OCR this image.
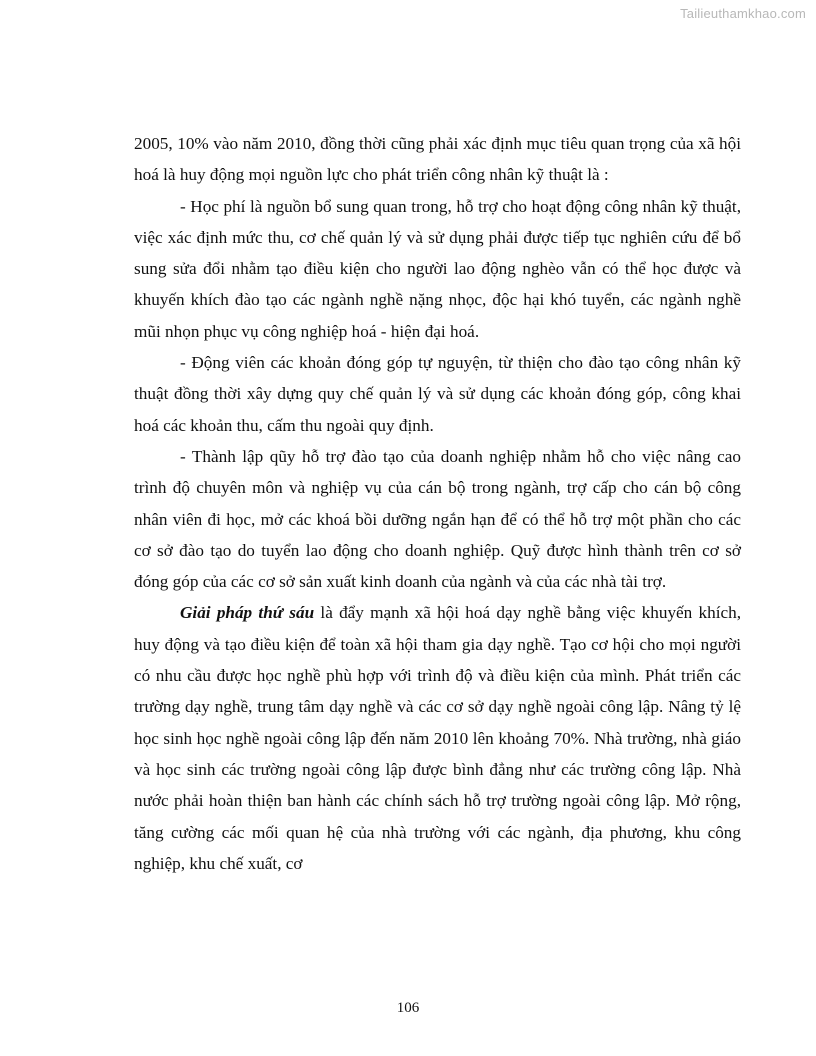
Tailieuthamkhao.com

2005, 10% vào năm 2010, đồng thời cũng phải xác định mục tiêu quan trọng của xã hội hoá là huy động mọi nguồn lực cho phát triển công nhân kỹ thuật là :

- Học phí là nguồn bổ sung quan trong, hỗ trợ cho hoạt động công nhân kỹ thuật, việc xác định mức thu, cơ chế quản lý và sử dụng phải được tiếp tục nghiên cứu để bổ sung sửa đổi nhằm tạo điều kiện cho người lao động nghèo vẫn có thể học được và khuyến khích đào tạo các ngành nghề nặng nhọc, độc hại khó tuyển, các ngành nghề mũi nhọn phục vụ công nghiệp hoá - hiện đại hoá.

- Động viên các khoản đóng góp tự nguyện, từ thiện cho đào tạo công nhân kỹ thuật đồng thời xây dựng quy chế quản lý và sử dụng các khoản đóng góp, công khai hoá các khoản thu, cấm thu ngoài quy định.

- Thành lập qũy hỗ trợ đào tạo của doanh nghiệp nhằm hỗ cho việc nâng cao trình độ chuyên môn và nghiệp vụ của cán bộ trong ngành, trợ cấp cho cán bộ công nhân viên đi học, mở các khoá bồi dưỡng ngắn hạn để có thể hỗ trợ một phần cho các cơ sở đào tạo do tuyển lao động cho doanh nghiệp. Quỹ được hình thành trên cơ sở đóng góp của các cơ sở sản xuất kinh doanh của ngành và của các nhà tài trợ.

Giải pháp thứ sáu là đẩy mạnh xã hội hoá dạy nghề bằng việc khuyến khích, huy động và tạo điều kiện để toàn xã hội tham gia dạy nghề. Tạo cơ hội cho mọi người có nhu cầu được học nghề phù hợp với trình độ và điều kiện của mình. Phát triển các trường dạy nghề, trung tâm dạy nghề và các cơ sở dạy nghề ngoài công lập. Nâng tỷ lệ học sinh học nghề ngoài công lập đến năm 2010 lên khoảng 70%. Nhà trường, nhà giáo và học sinh các trường ngoài công lập được bình đẳng như các trường công lập. Nhà nước phải hoàn thiện ban hành các chính sách hỗ trợ trường ngoài công lập. Mở rộng, tăng cường các mối quan hệ của nhà trường với các ngành, địa phương, khu công nghiệp, khu chế xuất, cơ

106
